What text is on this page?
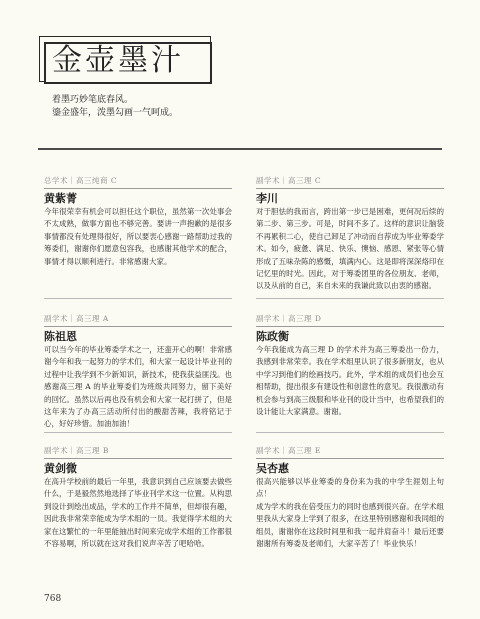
金壶墨汁
着墨巧妙笔底春风。
鎏金盛年，泼墨勾画一气呵成。
总学术｜高三纯商 C
黄紫菁

今年很荣幸有机会可以担任这个职位，虽然第一次处事会不太成熟，做事方面也不够完善。要讲一声抱歉的是很多事情都没有处理得很好，所以要衷心感谢一路帮助过我的筹委们，谢谢你们愿意包容我，也感谢其他学术的配合，事情才得以顺利进行。非常感谢大家。

副学术｜高三理 C
李川

对于胆怯的我而言，跨出第一步已是困难，更何况后续的第二步、第三步。可是，时间不多了。这样的意识让脑袋不再累积二心，使自己卸足了冲动而自荐成为毕业筹委学术。如今，疲惫、满足、快乐、懊恼、感恩、紧张等心情形成了五味杂陈的感慨，填满内心。这是即将深深烙印在记忆里的时光。因此，对于筹委团里的各位朋友、老师，以及从前的自己，来自未来的我谦此致以由衷的感谢。

副学术｜高三理 A
陈祖恩

可以当今年的毕业筹委学术之一，还蛮开心的啊！非常感谢今年和我一起努力的学术们，和大家一起设计毕业刊的过程中让我学到不少新知识，新技术，使我获益匪浅。也感谢高三理 A 的毕业筹委们为班级共同努力，留下美好的回忆。虽然以后再也没有机会和大家一起打拼了，但是这年来为了办高三活动所付出的酸甜苦辣，我将铭记于心，好好珍惜。加油加油！

副学术｜高三理 D
陈政衡

今年我能成为高三理 D 的学术并为高三筹委出一份力，我感到非常荣幸。我在学术组里认识了很多新朋友，也从中学习到他们的绘画技巧。此外，学术组的成员们也会互相帮助，提出很多有建设性和创意性的意见。我很激动有机会参与到高三级服和毕业刊的设计当中，也希望我们的设计能让大家满意。谢谢。

副学术｜高三理 B
黄剑微

在高升学校前的最后一年里，我意识到自己应该要去做些什么，于是毅然然地选择了毕业刊学术这一位置。从构思到设计到绘出成品，学术的工作并不简单，但却很有趣，因此我非常荣幸能成为学术组的一员。我觉得学术组的大家在这繁忙的一年里能抽出时间来完成学术组的工作都很不容易啊，所以就在这对我们说声辛苦了吧哈哈。

副学术｜高三理 E
吴杏惠

很高兴能够以毕业筹委的身份来为我的中学生涯划上句点！

成为学术的我在倍受压力的同时也感到很兴奋。在学术组里我从大家身上学到了很多，在这里特别感谢和我同组的组员，谢谢你在这段时间里和我一起并肩奋斗！最后还要谢谢所有筹委及老师们，大家辛苦了！毕业快乐！

768
